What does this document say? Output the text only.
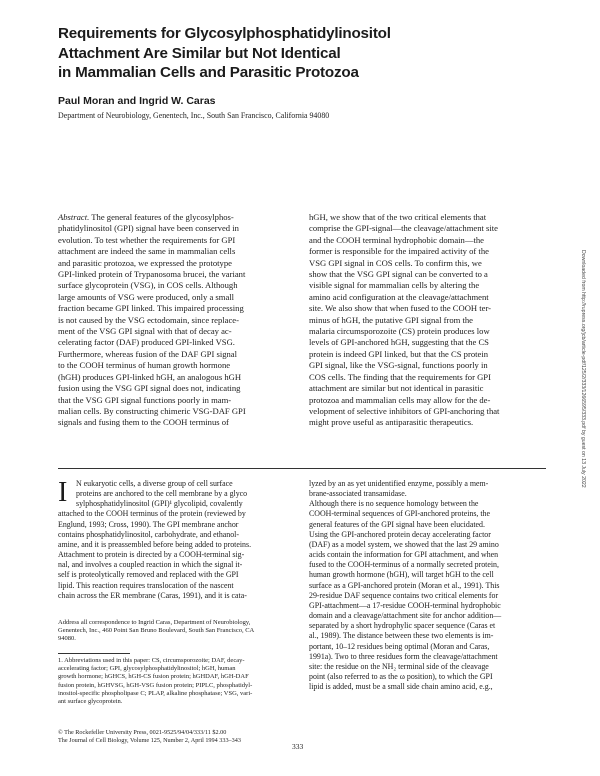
Requirements for Glycosylphosphatidylinositol
Attachment Are Similar but Not Identical
in Mammalian Cells and Parasitic Protozoa
Paul Moran and Ingrid W. Caras
Department of Neurobiology, Genentech, Inc., South San Francisco, California 94080
Abstract. The general features of the glycosylphos-
phatidylinositol (GPI) signal have been conserved in
evolution. To test whether the requirements for GPI
attachment are indeed the same in mammalian cells
and parasitic protozoa, we expressed the prototype
GPI-linked protein of Trypanosoma brucei, the variant
surface glycoprotein (VSG), in COS cells. Although
large amounts of VSG were produced, only a small
fraction became GPI linked. This impaired processing
is not caused by the VSG ectodomain, since replace-
ment of the VSG GPI signal with that of decay ac-
celerating factor (DAF) produced GPI-linked VSG.
Furthermore, whereas fusion of the DAF GPI signal
to the COOH terminus of human growth hormone
(hGH) produces GPI-linked hGH, an analogous hGH
fusion using the VSG GPI signal does not, indicating
that the VSG GPI signal functions poorly in mam-
malian cells. By constructing chimeric VSG-DAF GPI
signals and fusing them to the COOH terminus of
hGH, we show that of the two critical elements that
comprise the GPI-signal—the cleavage/attachment site
and the COOH terminal hydrophobic domain—the
former is responsible for the impaired activity of the
VSG GPI signal in COS cells. To confirm this, we
show that the VSG GPI signal can be converted to a
visible signal for mammalian cells by altering the
amino acid configuration at the cleavage/attachment
site. We also show that when fused to the COOH ter-
minus of hGH, the putative GPI signal from the
malaria circumsporozoite (CS) protein produces low
levels of GPI-anchored hGH, suggesting that the CS
protein is indeed GPI linked, but that the CS protein
GPI signal, like the VSG-signal, functions poorly in
COS cells. The finding that the requirements for GPI
attachment are similar but not identical in parasitic
protozoa and mammalian cells may allow for the de-
velopment of selective inhibitors of GPI-anchoring that
might prove useful as antiparasitic therapeutics.
I	N eukaryotic cells, a diverse group of cell surface
proteins are anchored to the cell membrane by a glyco
sylphosphatidylinositol (GPI)¹ glycolipid, covalently
attached to the COOH terminus of the protein (reviewed by
Englund, 1993; Cross, 1990). The GPI membrane anchor
contains phosphatidylinositol, carbohydrate, and ethanol-
amine, and it is preassembled before being added to proteins.
Attachment to protein is directed by a COOH-terminal sig-
nal, and involves a coupled reaction in which the signal it-
self is proteolytically removed and replaced with the GPI
lipid. This reaction requires translocation of the nascent
chain across the ER membrane (Caras, 1991), and it is cata-
Address all correspondence to Ingrid Caras, Department of Neurobiology,
Genentech, Inc., 460 Point San Bruno Boulevard, South San Francisco, CA
94080.
1. Abbreviations used in this paper: CS, circumsporozoite; DAF, decay-
accelerating factor; GPI, glycosylphosphatidylinositol; hGH, human
growth hormone; hGHCS, hGH-CS fusion protein; hGHDAF, hGH-DAF
fusion protein, hGHVSG, hGH-VSG fusion protein; PIPLC, phosphatidyl-
inositol-specific phospholipase C; PLAP, alkaline phosphatase; VSG, vari-
ant surface glycoprotein.
lyzed by an as yet unidentified enzyme, possibly a mem-
brane-associated transamidase.
Although there is no sequence homology between the
COOH-terminal sequences of GPI-anchored proteins, the
general features of the GPI signal have been elucidated.
Using the GPI-anchored protein decay accelerating factor
(DAF) as a model system, we showed that the last 29 amino
acids contain the information for GPI attachment, and when
fused to the COOH-terminus of a normally secreted protein,
human growth hormone (hGH), will target hGH to the cell
surface as a GPI-anchored protein (Moran et al., 1991). This
29-residue DAF sequence contains two critical elements for
GPI-attachment—a 17-residue COOH-terminal hydrophobic
domain and a cleavage/attachment site for anchor addition—
separated by a short hydrophylic spacer sequence (Caras et
al., 1989). The distance between these two elements is im-
portant, 10–12 residues being optimal (Moran and Caras,
1991a). Two to three residues form the cleavage/attachment
site: the residue on the NH₂ terminal side of the cleavage
point (also referred to as the ω position), to which the GPI
lipid is added, must be a small side chain amino acid, e.g.,
© The Rockefeller University Press, 0021-9525/94/04/333/11 $2.00
The Journal of Cell Biology, Volume 125, Number 2, April 1994 333–343
333
Downloaded from http://rupress.org/jcb/article-pdf/125/2/333/1266595/333.pdf by guest on 13 July 2022
